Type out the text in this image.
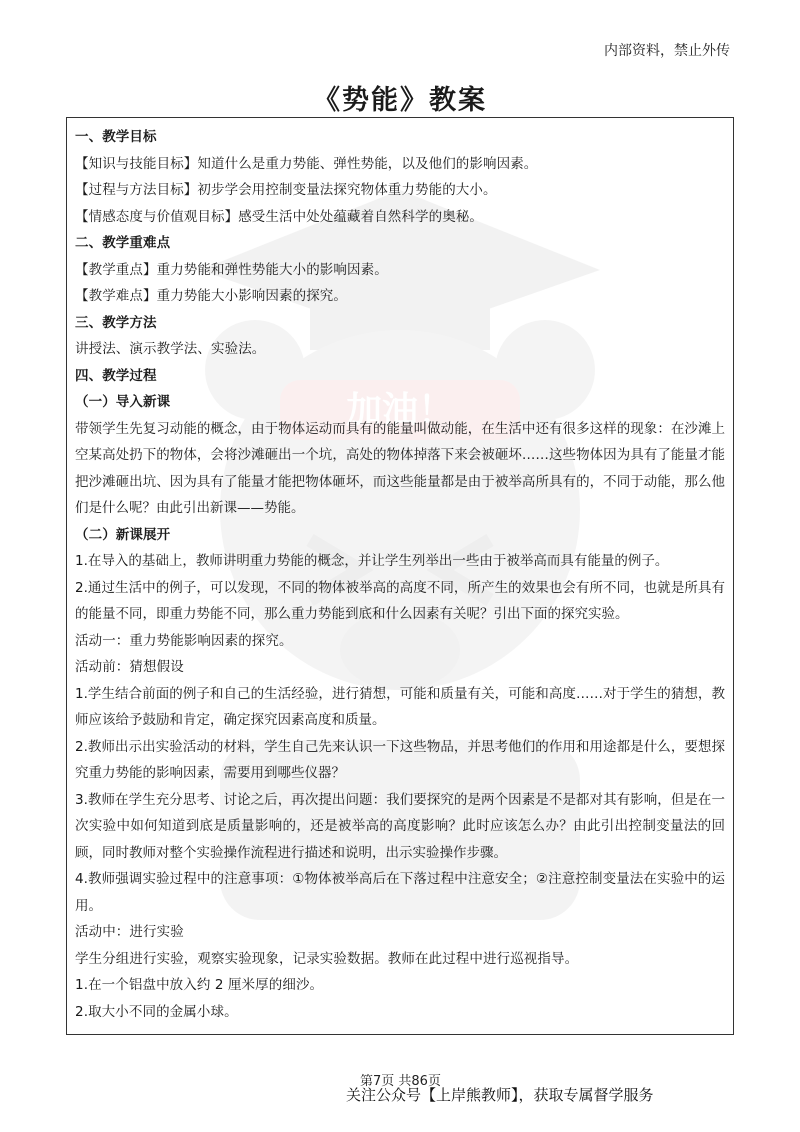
加油！
内部资料，禁止外传
《势能》教案

一、教学目标

【知识与技能目标】知道什么是重力势能、弹性势能，以及他们的影响因素。

【过程与方法目标】初步学会用控制变量法探究物体重力势能的大小。

【情感态度与价值观目标】感受生活中处处蕴藏着自然科学的奥秘。

二、教学重难点

【教学重点】重力势能和弹性势能大小的影响因素。

【教学难点】重力势能大小影响因素的探究。

三、教学方法

讲授法、演示教学法、实验法。

四、教学过程

（一）导入新课

带领学生先复习动能的概念，由于物体运动而具有的能量叫做动能，在生活中还有很多这样的现象：在沙滩上空某高处扔下的物体，会将沙滩砸出一个坑，高处的物体掉落下来会被砸坏……这些物体因为具有了能量才能把沙滩砸出坑、因为具有了能量才能把物体砸坏，而这些能量都是由于被举高所具有的，不同于动能，那么他们是什么呢？由此引出新课——势能。

（二）新课展开

1.在导入的基础上，教师讲明重力势能的概念，并让学生列举出一些由于被举高而具有能量的例子。

2.通过生活中的例子，可以发现，不同的物体被举高的高度不同，所产生的效果也会有所不同，也就是所具有的能量不同，即重力势能不同，那么重力势能到底和什么因素有关呢？引出下面的探究实验。

活动一：重力势能影响因素的探究。

活动前：猜想假设

1.学生结合前面的例子和自己的生活经验，进行猜想，可能和质量有关，可能和高度……对于学生的猜想，教师应该给予鼓励和肯定，确定探究因素高度和质量。

2.教师出示出实验活动的材料，学生自己先来认识一下这些物品，并思考他们的作用和用途都是什么，要想探究重力势能的影响因素，需要用到哪些仪器？

3.教师在学生充分思考、讨论之后，再次提出问题：我们要探究的是两个因素是不是都对其有影响，但是在一次实验中如何知道到底是质量影响的，还是被举高的高度影响？此时应该怎么办？由此引出控制变量法的回顾，同时教师对整个实验操作流程进行描述和说明，出示实验操作步骤。

4.教师强调实验过程中的注意事项：①物体被举高后在下落过程中注意安全；②注意控制变量法在实验中的运用。

活动中：进行实验

学生分组进行实验，观察实验现象，记录实验数据。教师在此过程中进行巡视指导。

1.在一个铝盘中放入约 2 厘米厚的细沙。

2.取大小不同的金属小球。

第7页 共86页
关注公众号【上岸熊教师】，获取专属督学服务
